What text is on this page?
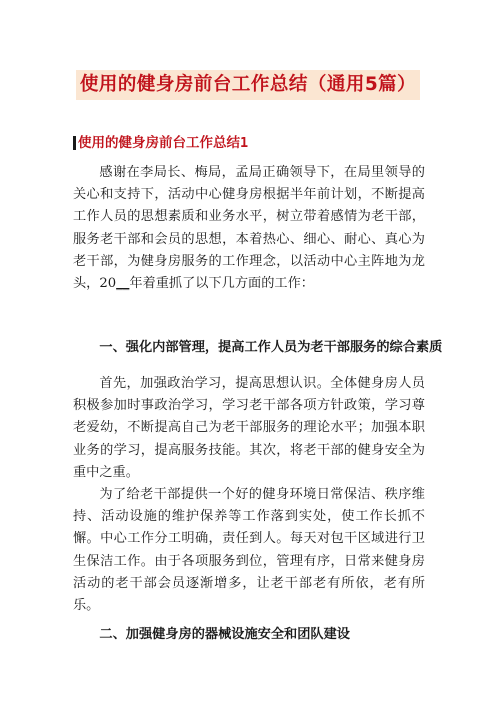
使用的健身房前台工作总结（通用5篇）
使用的健身房前台工作总结1

感谢在李局长、梅局，孟局正确领导下，在局里领导的关心和支持下，活动中心健身房根据半年前计划，不断提高工作人员的思想素质和业务水平，树立带着感情为老干部，服务老干部和会员的思想，本着热心、细心、耐心、真心为老干部，为健身房服务的工作理念，以活动中心主阵地为龙头，20__年着重抓了以下几方面的工作：

一、强化内部管理，提高工作人员为老干部服务的综合素质

首先，加强政治学习，提高思想认识。全体健身房人员积极参加时事政治学习，学习老干部各项方针政策，学习尊老爱幼，不断提高自己为老干部服务的理论水平；加强本职业务的学习，提高服务技能。其次，将老干部的健身安全为重中之重。

为了给老干部提供一个好的健身环境日常保洁、秩序维持、活动设施的维护保养等工作落到实处，使工作长抓不懈。中心工作分工明确，责任到人。每天对包干区域进行卫生保洁工作。由于各项服务到位，管理有序，日常来健身房活动的老干部会员逐渐增多，让老干部老有所依，老有所乐。

二、加强健身房的器械设施安全和团队建设
